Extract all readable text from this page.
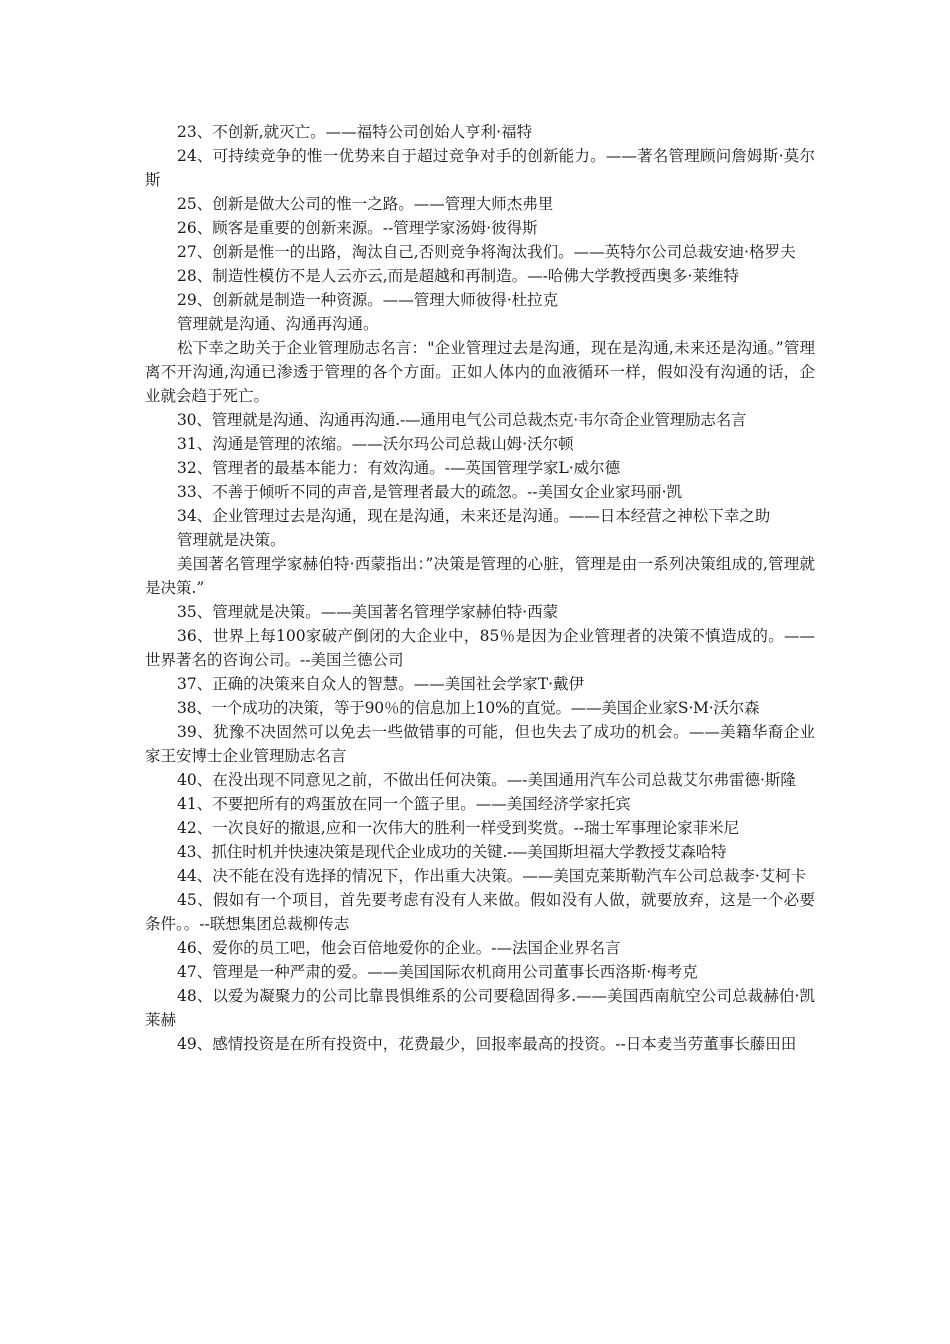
23、不创新,就灭亡。——福特公司创始人亨利·福特

24、可持续竞争的惟一优势来自于超过竞争对手的创新能力。——著名管理顾问詹姆斯·莫尔斯

25、创新是做大公司的惟一之路。——管理大师杰弗里

26、顾客是重要的创新来源。--管理学家汤姆·彼得斯

27、创新是惟一的出路，淘汰自己,否则竞争将淘汰我们。——英特尔公司总裁安迪·格罗夫

28、制造性模仿不是人云亦云,而是超越和再制造。—-哈佛大学教授西奥多·莱维特

29、创新就是制造一种资源。——管理大师彼得·杜拉克

管理就是沟通、沟通再沟通。

松下幸之助关于企业管理励志名言："企业管理过去是沟通，现在是沟通,未来还是沟通。”管理离不开沟通,沟通已渗透于管理的各个方面。正如人体内的血液循环一样，假如没有沟通的话，企业就会趋于死亡。

30、管理就是沟通、沟通再沟通.-—通用电气公司总裁杰克·韦尔奇企业管理励志名言

31、沟通是管理的浓缩。——沃尔玛公司总裁山姆·沃尔顿

32、管理者的最基本能力：有效沟通。-—英国管理学家L·威尔德

33、不善于倾听不同的声音,是管理者最大的疏忽。--美国女企业家玛丽·凯

34、企业管理过去是沟通，现在是沟通，未来还是沟通。——日本经营之神松下幸之助

管理就是决策。

美国著名管理学家赫伯特·西蒙指出：”决策是管理的心脏，管理是由一系列决策组成的,管理就是决策.”

35、管理就是决策。——美国著名管理学家赫伯特·西蒙

36、世界上每100家破产倒闭的大企业中，85％是因为企业管理者的决策不慎造成的。——世界著名的咨询公司。--美国兰德公司

37、正确的决策来自众人的智慧。——美国社会学家T·戴伊

38、一个成功的决策，等于90％的信息加上10%的直觉。——美国企业家S·M·沃尔森

39、犹豫不决固然可以免去一些做错事的可能，但也失去了成功的机会。——美籍华裔企业家王安博士企业管理励志名言

40、在没出现不同意见之前，不做出任何决策。—-美国通用汽车公司总裁艾尔弗雷德·斯隆

41、不要把所有的鸡蛋放在同一个篮子里。——美国经济学家托宾

42、一次良好的撤退,应和一次伟大的胜利一样受到奖赏。--瑞士军事理论家菲米尼

43、抓住时机并快速决策是现代企业成功的关键.-—美国斯坦福大学教授艾森哈特

44、决不能在没有选择的情况下，作出重大决策。——美国克莱斯勒汽车公司总裁李·艾柯卡

45、假如有一个项目，首先要考虑有没有人来做。假如没有人做，就要放弃，这是一个必要条件。。--联想集团总裁柳传志

46、爱你的员工吧，他会百倍地爱你的企业。-—法国企业界名言

47、管理是一种严肃的爱。——美国国际农机商用公司董事长西洛斯·梅考克

48、以爱为凝聚力的公司比靠畏惧维系的公司要稳固得多.——美国西南航空公司总裁赫伯·凯莱赫

49、感情投资是在所有投资中，花费最少，回报率最高的投资。--日本麦当劳董事长藤田田
